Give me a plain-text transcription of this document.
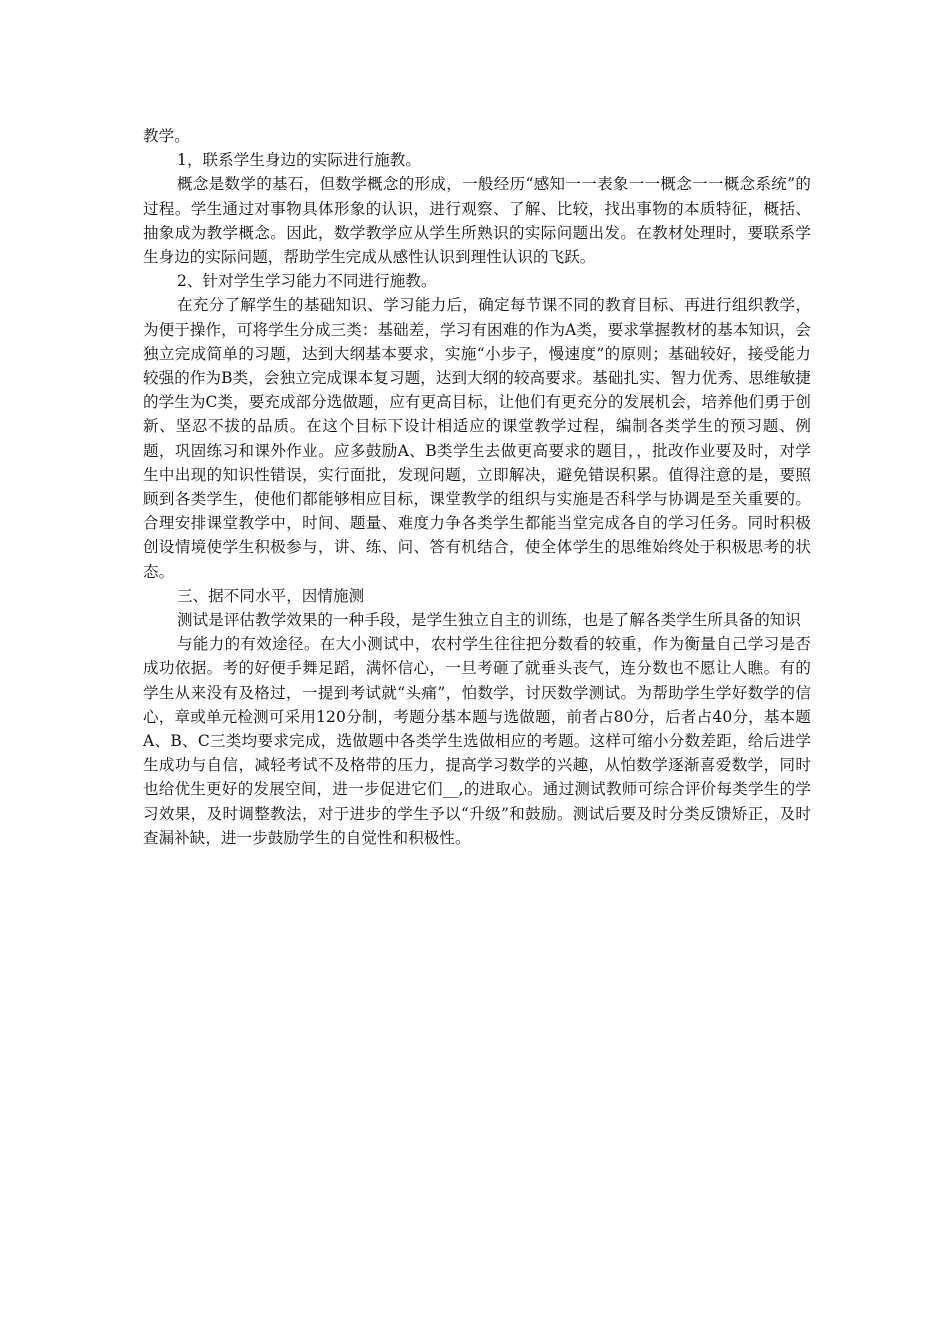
教学。

1，联系学生身边的实际进行施教。

概念是数学的基石，但数学概念的形成，一般经历“感知一一表象一一概念一一概念系统”的过程。学生通过对事物具体形象的认识，进行观察、了解、比较，找出事物的本质特征，概括、抽象成为教学概念。因此，数学教学应从学生所熟识的实际问题出发。在教材处理时，要联系学生身边的实际问题，帮助学生完成从感性认识到理性认识的飞跃。

2、针对学生学习能力不同进行施教。

在充分了解学生的基础知识、学习能力后，确定每节课不同的教育目标、再进行组织教学，为便于操作，可将学生分成三类：基础差，学习有困难的作为A类，要求掌握教材的基本知识，会独立完成简单的习题，达到大纲基本要求，实施“小步子，慢速度”的原则；基础较好，接受能力较强的作为B类，会独立完成课本复习题，达到大纲的较高要求。基础扎实、智力优秀、思维敏捷的学生为C类，要充成部分选做题，应有更高目标，让他们有更充分的发展机会，培养他们勇于创新、坚忍不拔的品质。在这个目标下设计相适应的课堂教学过程，编制各类学生的预习题、例题，巩固练习和课外作业。应多鼓励A、B类学生去做更高要求的题目，，批改作业要及时，对学生中出现的知识性错误，实行面批，发现问题，立即解决，避免错误积累。值得注意的是，要照顾到各类学生，使他们都能够相应目标，课堂教学的组织与实施是否科学与协调是至关重要的。合理安排课堂教学中，时间、题量、难度力争各类学生都能当堂完成各自的学习任务。同时积极创设情境使学生积极参与，讲、练、问、答有机结合，使全体学生的思维始终处于积极思考的状态。

三、据不同水平，因情施测

测试是评估教学效果的一种手段，是学生独立自主的训练，也是了解各类学生所具备的知识

与能力的有效途径。在大小测试中，农村学生往往把分数看的较重，作为衡量自己学习是否成功依据。考的好便手舞足蹈，满怀信心，一旦考砸了就垂头丧气，连分数也不愿让人瞧。有的学生从来没有及格过，一提到考试就“头痛”，怕数学，讨厌数学测试。为帮助学生学好数学的信心，章或单元检测可采用120分制，考题分基本题与选做题，前者占80分，后者占40分，基本题A、B、C三类均要求完成，选做题中各类学生选做相应的考题。这样可缩小分数差距，给后进学生成功与自信，减轻考试不及格带的压力，提高学习数学的兴趣，从怕数学逐渐喜爱数学，同时也给优生更好的发展空间，进一步促进它们__,的进取心。通过测试教师可综合评价每类学生的学习效果，及时调整教法，对于进步的学生予以“升级”和鼓励。测试后要及时分类反馈矫正，及时查漏补缺，进一步鼓励学生的自觉性和积极性。
